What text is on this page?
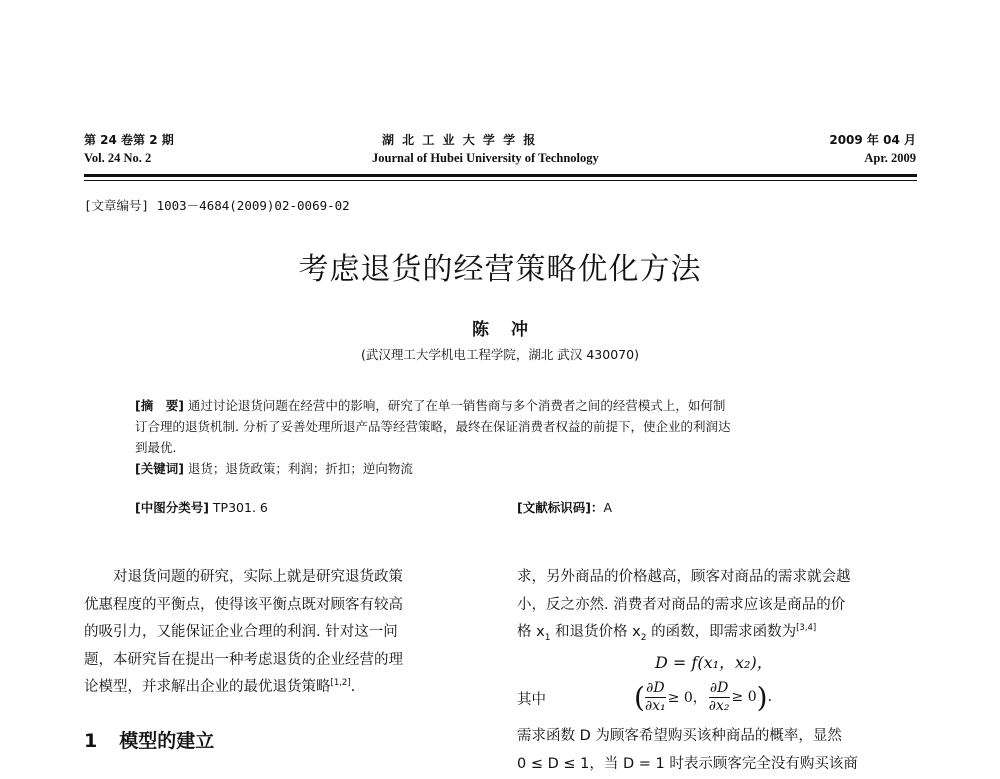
第 24 卷第 2 期
Vol. 24 No. 2
湖 北 工 业 大 学 学 报
Journal of Hubei University of Technology
2009 年 04 月
Apr. 2009
[文章编号] 1003－4684(2009)02-0069-02
考虑退货的经营策略优化方法
陈冲
(武汉理工大学机电工程学院，湖北 武汉 430070)
[摘　要] 通过讨论退货问题在经营中的影响，研究了在单一销售商与多个消费者之间的经营模式上，如何制
订合理的退货机制. 分析了妥善处理所退产品等经营策略，最终在保证消费者权益的前提下，使企业的利润达
到最优.
[关键词] 退货；退货政策；利润；折扣；逆向物流
[中图分类号] TP301. 6	[文献标识码]：A
对退货问题的研究，实际上就是研究退货政策
优惠程度的平衡点，使得该平衡点既对顾客有较高
的吸引力，又能保证企业合理的利润. 针对这一问
题，本研究旨在提出一种考虑退货的企业经营的理
论模型，并求解出企业的最优退货策略[1,2].
1 模型的建立
求，另外商品的价格越高，顾客对商品的需求就会越
小，反之亦然. 消费者对商品的需求应该是商品的价
格 $x_1$ 和退货价格 $x_2$ 的函数，即需求函数为[3,4]
D = f(x₁，x₂)，
其中	( $\frac{\partial D}{\text{∂x₁}} \ge 0$， $\frac{\partial D}{\text{∂x₂}} \ge 0$ ) .
需求函数 D 为顾客希望购买该种商品的概率，显然
0 ≤ D ≤ 1，当 D = 1 时表示顾客完全没有购买该商
